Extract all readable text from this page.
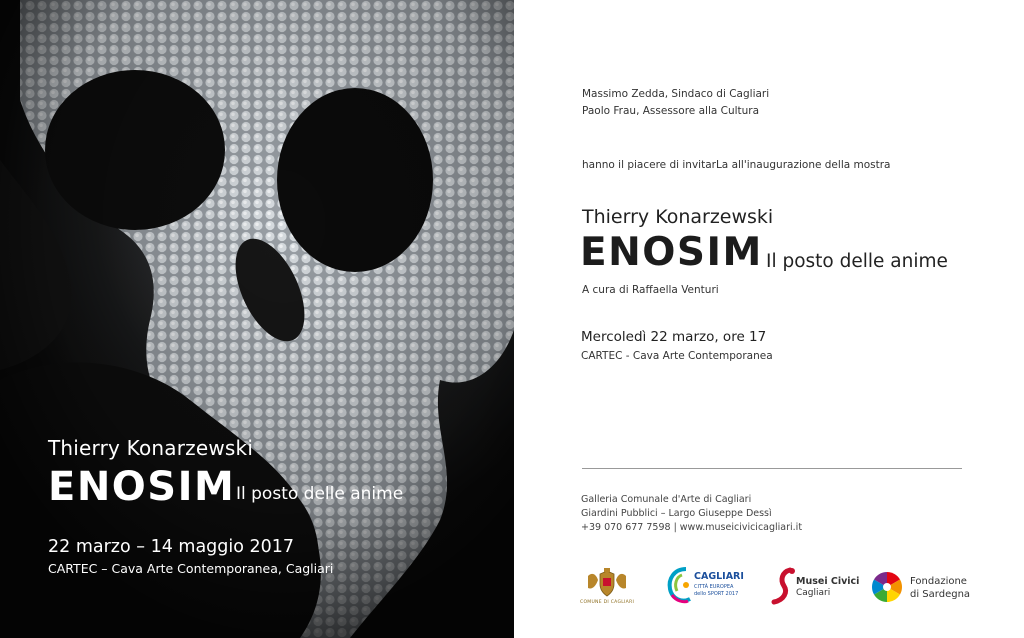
Thierry Konarzewski
ENOSIM Il posto delle anime
22 marzo – 14 maggio 2017
CARTEC – Cava Arte Contemporanea, Cagliari
Massimo Zedda, Sindaco di Cagliari
Paolo Frau, Assessore alla Cultura
hanno il piacere di invitarLa all'inaugurazione della mostra
Thierry Konarzewski
ENOSIM Il posto delle anime
A cura di Raffaella Venturi
Mercoledì 22 marzo, ore 17
CARTEC - Cava Arte Contemporanea
Galleria Comunale d'Arte di Cagliari
Giardini Pubblici – Largo Giuseppe Dessì
+39 070 677 7598 | www.museicivicicagliari.it
COMUNE DI CAGLIARI
CAGLIARI
CITTÀ EUROPEA
dello SPORT 2017
Musei Civici
Cagliari
Fondazione
di Sardegna
